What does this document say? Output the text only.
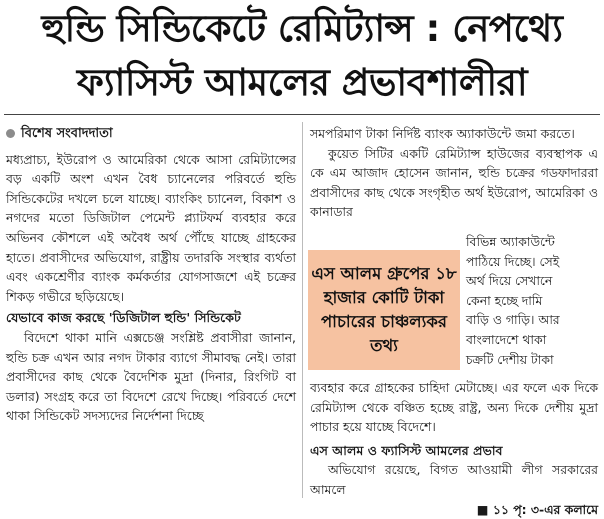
হুন্ডি সিন্ডিকেটে রেমিট্যান্স : নেপথ্যে
ফ্যাসিস্ট আমলের প্রভাবশালীরা
বিশেষ সংবাদদাতা

মধ্যপ্রাচ্য, ইউরোপ ও আমেরিকা থেকে আসা রেমিট্যান্সের বড় একটি অংশ এখন বৈধ চ্যানেলের পরিবর্তে হুন্ডি সিন্ডিকেটের দখলে চলে যাচ্ছে। ব্যাংকিং চ্যানেল, বিকাশ ও নগদের মতো ডিজিটাল পেমেন্ট প্ল্যাটফর্ম ব্যবহার করে অভিনব কৌশলে এই অবৈধ অর্থ পৌঁছে যাচ্ছে গ্রাহকের হাতে। প্রবাসীদের অভিযোগ, রাষ্ট্রীয় তদারকি সংস্থার ব্যর্থতা এবং একশ্রেণীর ব্যাংক কর্মকর্তার যোগসাজশে এই চক্রের শিকড় গভীরে ছড়িয়েছে।

যেভাবে কাজ করছে 'ডিজিটাল হুন্ডি' সিন্ডিকেট

বিদেশে থাকা মানি এক্সচেঞ্জ সংশ্লিষ্ট প্রবাসীরা জানান, হুন্ডি চক্র এখন আর নগদ টাকার ব্যাগে সীমাবদ্ধ নেই। তারা প্রবাসীদের কাছ থেকে বৈদেশিক মুদ্রা (দিনার, রিংগিট বা ডলার) সংগ্রহ করে তা বিদেশে রেখে দিচ্ছে। পরিবর্তে দেশে থাকা সিন্ডিকেট সদস্যদের নির্দেশনা দিচ্ছে

সমপরিমাণ টাকা নির্দিষ্ট ব্যাংক অ্যাকাউন্টে জমা করতে।

কুয়েত সিটির একটি রেমিট্যান্স হাউজের ব্যবস্থাপক এ কে এম আজাদ হোসেন জানান, হুন্ডি চক্রের গডফাদাররা প্রবাসীদের কাছ থেকে সংগৃহীত অর্থ ইউরোপ, আমেরিকা ও কানাডার

বিভিন্ন অ্যাকাউন্টে
পাঠিয়ে দিচ্ছে। সেই
অর্থ দিয়ে সেখানে
কেনা হচ্ছে দামি
বাড়ি ও গাড়ি। আর
বাংলাদেশে থাকা
চক্রটি দেশীয় টাকা
এস আলম গ্রুপের ১৮ হাজার কোটি টাকা পাচারের চাঞ্চল্যকর তথ্য

ব্যবহার করে গ্রাহকের চাহিদা মেটাচ্ছে। এর ফলে এক দিকে রেমিট্যান্স থেকে বঞ্চিত হচ্ছে রাষ্ট্র, অন্য দিকে দেশীয় মুদ্রা পাচার হয়ে যাচ্ছে বিদেশে।

এস আলম ও ফ্যাসিস্ট আমলের প্রভাব

অভিযোগ রয়েছে, বিগত আওয়ামী লীগ সরকারের আমলে

■ ১১ পৃ: ৩-এর কলামে
